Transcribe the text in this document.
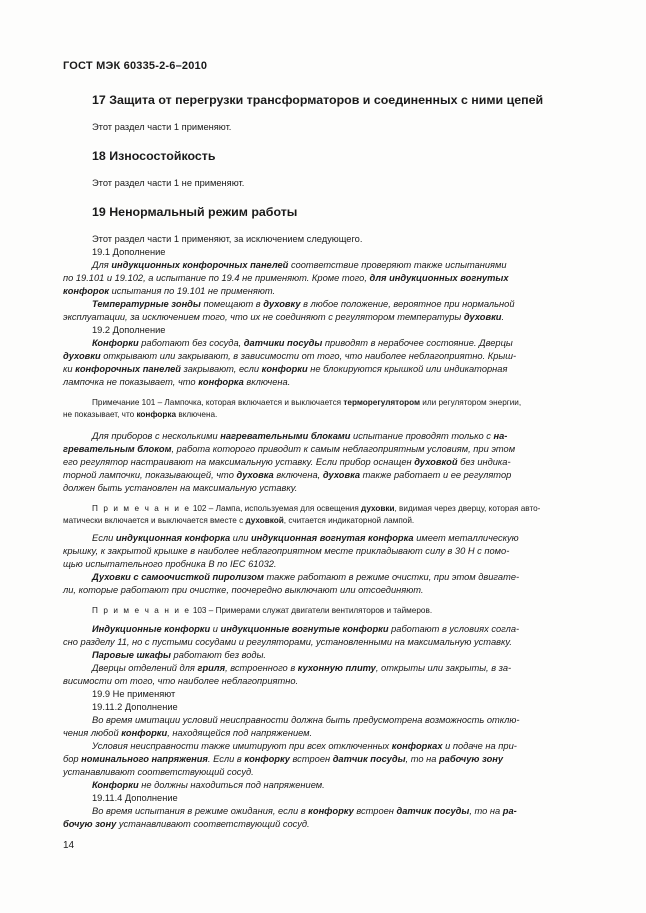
ГОСТ МЭК 60335-2-6–2010
17 Защита от перегрузки трансформаторов и соединенных с ними цепей
Этот раздел части 1 применяют.
18 Износостойкость
Этот раздел части 1 не применяют.
19 Ненормальный режим работы
Этот раздел части 1 применяют, за исключением следующего.
19.1 Дополнение
Для индукционных конфорочных панелей соответствие проверяют также испытаниями
по 19.101 и 19.102, а испытание по 19.4 не применяют. Кроме того, для индукционных вогнутых
конфорок испытания по 19.101 не применяют.
Температурные зонды помещают в духовку в любое положение, вероятное при нормальной
эксплуатации, за исключением того, что их не соединяют с регулятором температуры духовки.
19.2 Дополнение
Конфорки работают без сосуда, датчики посуды приводят в нерабочее состояние. Дверцы
духовки открывают или закрывают, в зависимости от того, что наиболее неблагоприятно. Крыш-
ки конфорочных панелей закрывают, если конфорки не блокируются крышкой или индикаторная
лампочка не показывает, что конфорка включена.
Примечание 101 – Лампочка, которая включается и выключается терморегулятором или регулятором энергии,
не показывает, что конфорка включена.
Для приборов с несколькими нагревательными блоками испытание проводят только с на-
гревательным блоком, работа которого приводит к самым неблагоприятным условиям, при этом
его регулятор настраивают на максимальную уставку. Если прибор оснащен духовкой без индика-
торной лампочки, показывающей, что духовка включена, духовка также работает и ее регулятор
должен быть установлен на максимальную уставку.
П р и м е ч а н и е 102 – Лампа, используемая для освещения духовки, видимая через дверцу, которая авто-
матически включается и выключается вместе с духовкой, считается индикаторной лампой.
Если индукционная конфорка или индукционная вогнутая конфорка имеет металлическую
крышку, к закрытой крышке в наиболее неблагоприятном месте прикладывают силу в 30 Н с помо-
щью испытательного пробника В по IEC 61032.
Духовки с самоочисткой пиролизом также работают в режиме очистки, при этом двигате-
ли, которые работают при очистке, поочередно выключают или отсоединяют.
П р и м е ч а н и е 103 – Примерами служат двигатели вентиляторов и таймеров.
Индукционные конфорки и индукционные вогнутые конфорки работают в условиях согла-
сно разделу 11, но с пустыми сосудами и регуляторами, установленными на максимальную уставку.
Паровые шкафы работают без воды.
Дверцы отделений для гриля, встроенного в кухонную плиту, открыты или закрыты, в за-
висимости от того, что наиболее неблагоприятно.
19.9 Не применяют
19.11.2 Дополнение
Во время имитации условий неисправности должна быть предусмотрена возможность отклю-
чения любой конфорки, находящейся под напряжением.
Условия неисправности также имитируют при всех отключенных конфорках и подаче на при-
бор номинального напряжения. Если в конфорку встроен датчик посуды, то на рабочую зону
устанавливают соответствующий сосуд.
Конфорки не должны находиться под напряжением.
19.11.4 Дополнение
Во время испытания в режиме ожидания, если в конфорку встроен датчик посуды, то на ра-
бочую зону устанавливают соответствующий сосуд.
14
